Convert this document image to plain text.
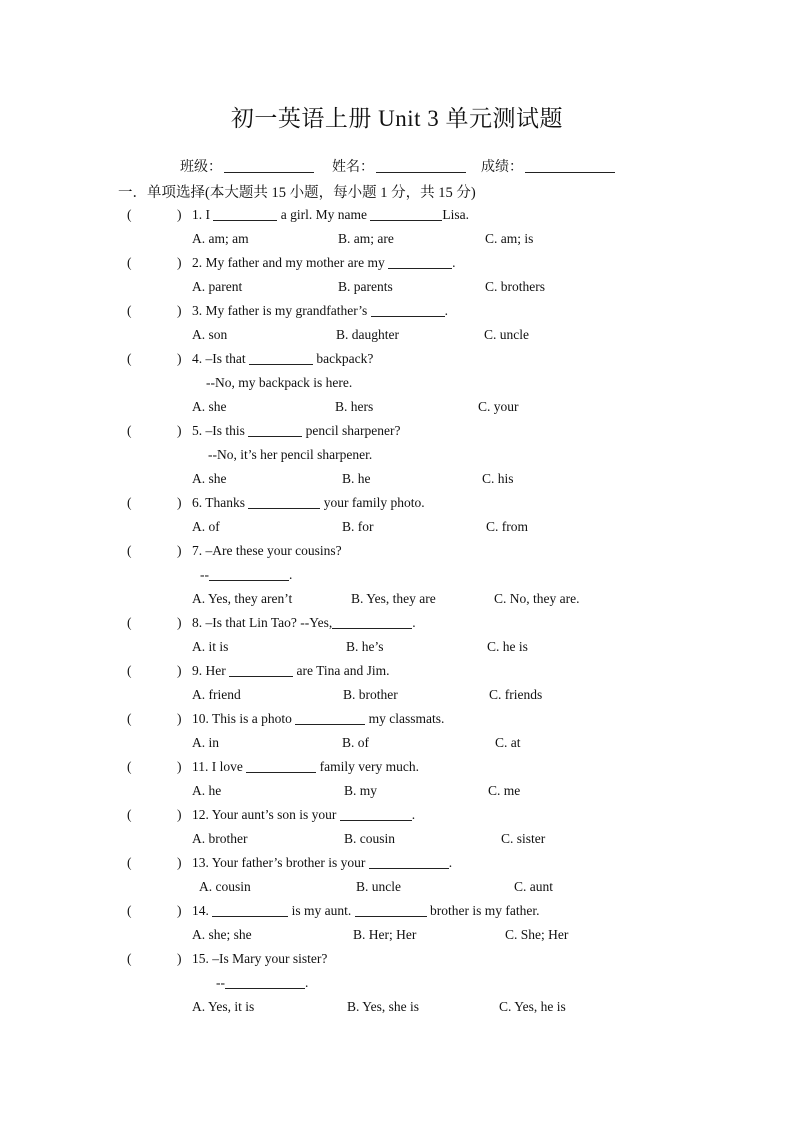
初一英语上册 Unit 3 单元测试题
班级：	姓名：	成绩：
一．单项选择(本大题共 15 小题，每小题 1 分，共 15 分)
(	) 1. I	a girl. My name	Lisa.
A. am; am	B. am; are	C. am; is
(	) 2. My father and my mother are my	.
A. parent	B. parents	C. brothers
(	) 3. My father is my grandfather’s	.
A. son	B. daughter	C. uncle
(	) 4. –Is that	backpack?
--No, my backpack is here.
A. she	B. hers	C. your
(	) 5. –Is this	pencil sharpener?
--No, it’s her pencil sharpener.
A. she	B. he	C. his
(	) 6. Thanks	your family photo.
A. of	B. for	C. from
(	) 7. –Are these your cousins?
--	.
A. Yes, they aren’t	B. Yes, they are	C. No, they are.
(	) 8. –Is that Lin Tao? --Yes,	.
A. it is	B. he’s	C. he is
(	) 9. Her	are Tina and Jim.
A. friend	B. brother	C. friends
(	) 10. This is a photo	my classmats.
A. in	B. of	C. at
(	) 11. I love	family very much.
A. he	B. my	C. me
(	) 12. Your aunt’s son is your	.
A. brother	B. cousin	C. sister
(	) 13. Your father’s brother is your	.
A. cousin	B. uncle	C. aunt
(	) 14.	is my aunt.	brother is my father.
A. she; she	B. Her; Her	C. She; Her
(	) 15. –Is Mary your sister?
--	.
A. Yes, it is	B. Yes, she is	C. Yes, he is
